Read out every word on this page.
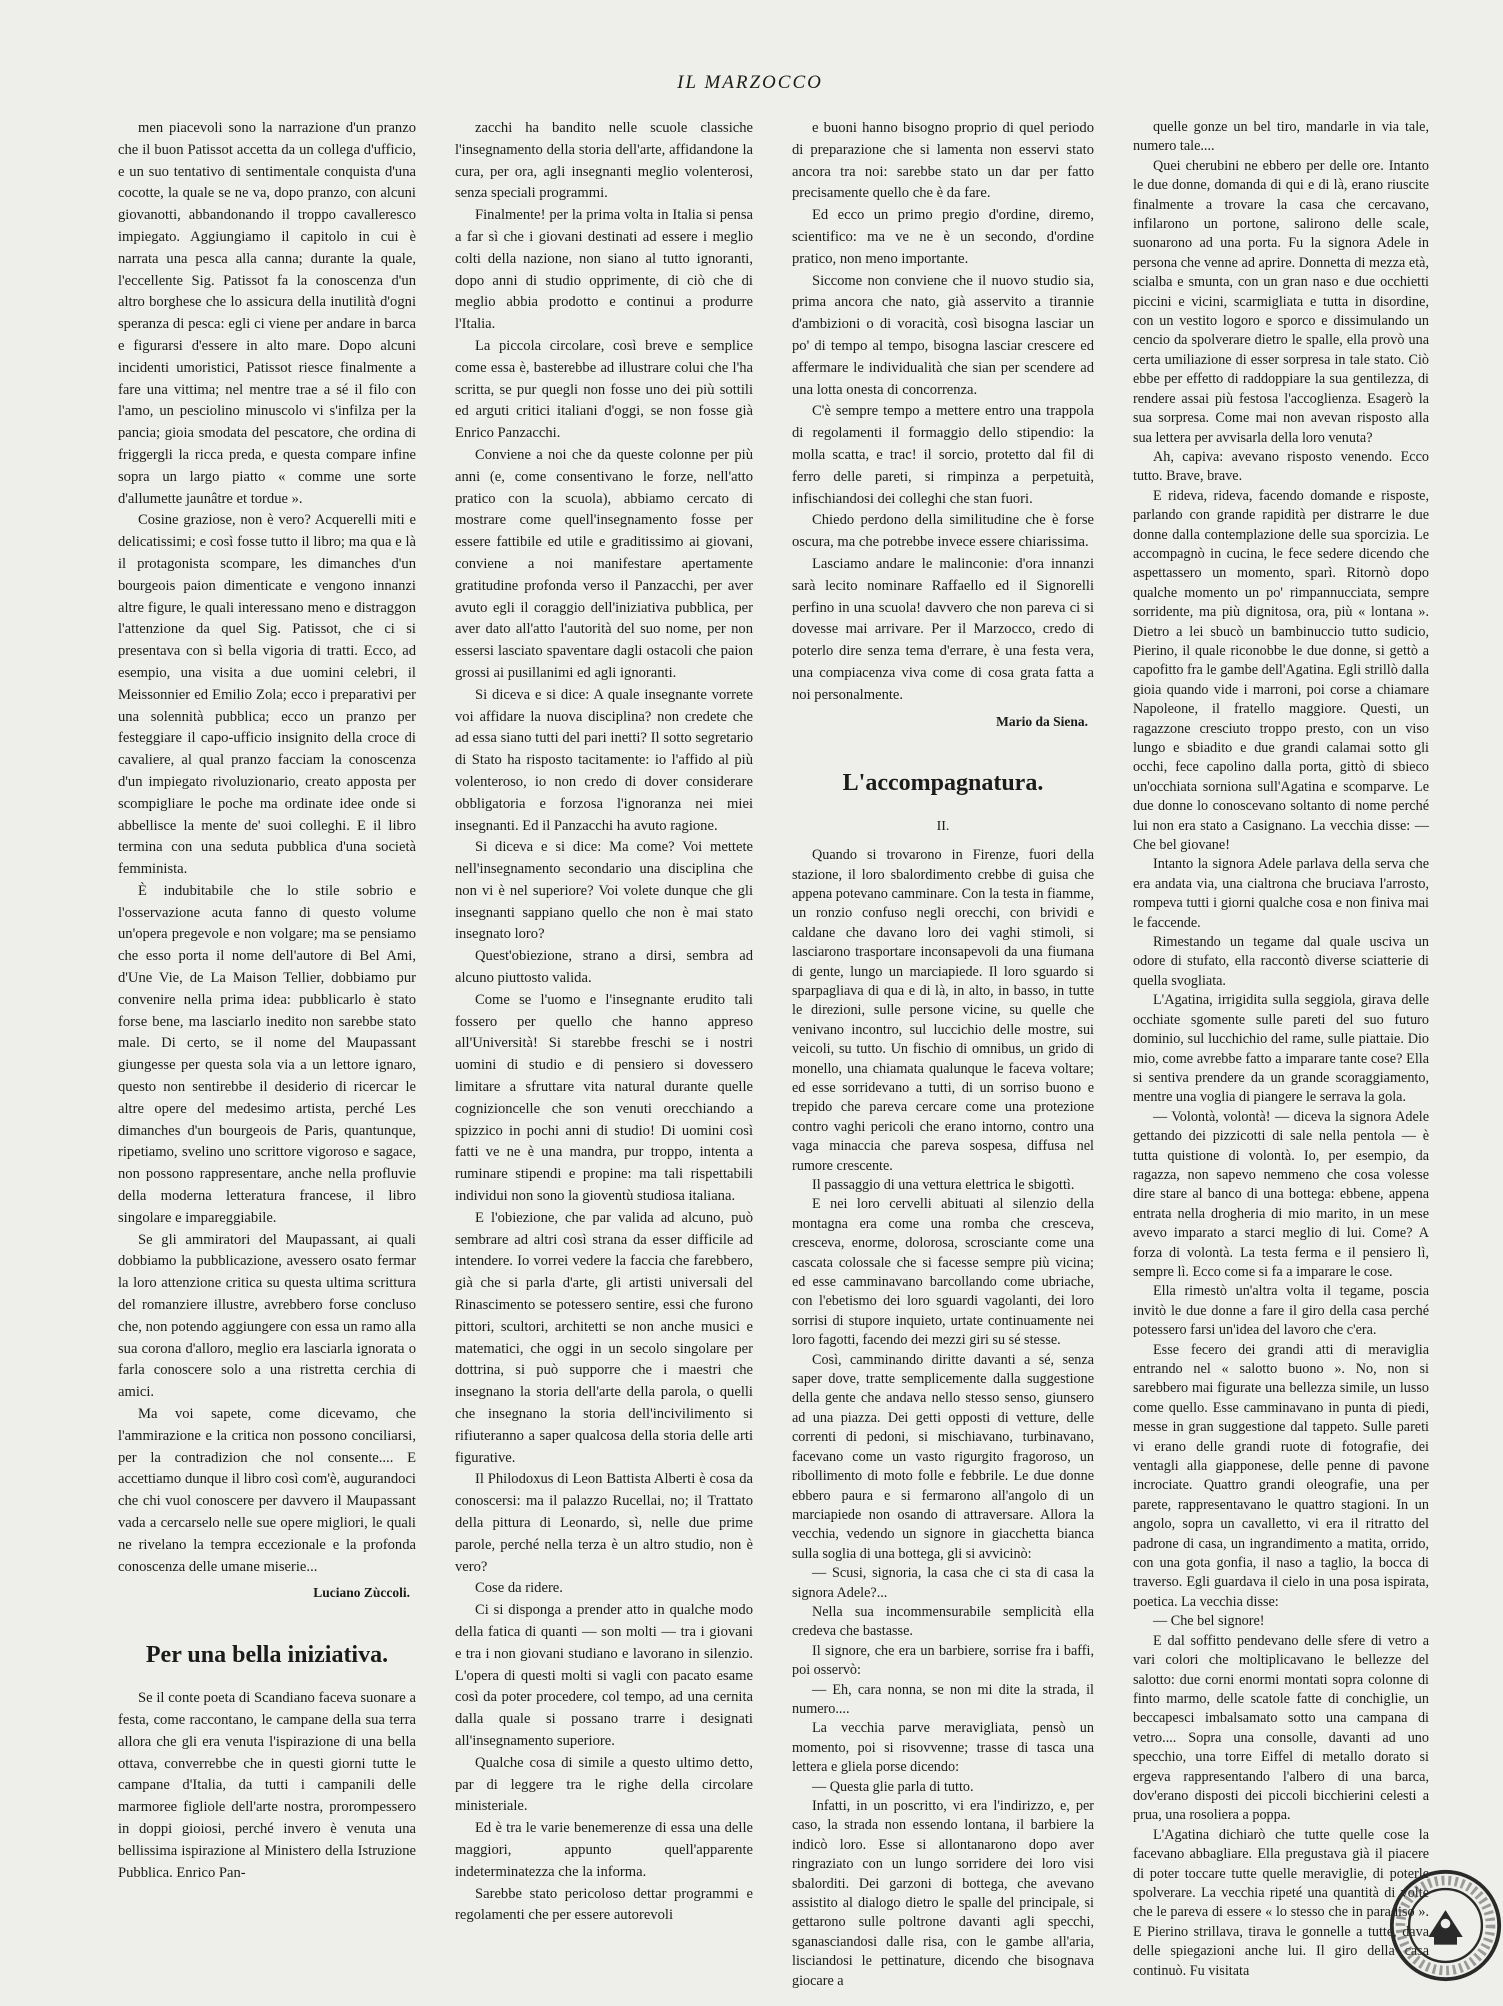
IL MARZOCCO

men piacevoli sono la narrazione d'un pranzo che il buon Patissot accetta da un collega d'ufficio, e un suo tentativo di sentimentale conquista d'una cocotte, la quale se ne va, dopo pranzo, con alcuni giovanotti, abbandonando il troppo cavalleresco impiegato. Aggiungiamo il capitolo in cui è narrata una pesca alla canna; durante la quale, l'eccellente Sig. Patissot fa la conoscenza d'un altro borghese che lo assicura della inutilità d'ogni speranza di pesca: egli ci viene per andare in barca e figurarsi d'essere in alto mare. Dopo alcuni incidenti umoristici, Patissot riesce finalmente a fare una vittima; nel mentre trae a sé il filo con l'amo, un pesciolino minuscolo vi s'infilza per la pancia; gioia smodata del pescatore, che ordina di friggergli la ricca preda, e questa compare infine sopra un largo piatto « comme une sorte d'allumette jaunâtre et tordue ».

Cosine graziose, non è vero? Acquerelli miti e delicatissimi; e così fosse tutto il libro; ma qua e là il protagonista scompare, les dimanches d'un bourgeois paion dimenticate e vengono innanzi altre figure, le quali interessano meno e distraggon l'attenzione da quel Sig. Patissot, che ci si presentava con sì bella vigoria di tratti. Ecco, ad esempio, una visita a due uomini celebri, il Meissonnier ed Emilio Zola; ecco i preparativi per una solennità pubblica; ecco un pranzo per festeggiare il capo-ufficio insignito della croce di cavaliere, al qual pranzo facciam la conoscenza d'un impiegato rivoluzionario, creato apposta per scompigliare le poche ma ordinate idee onde si abbellisce la mente de' suoi colleghi. E il libro termina con una seduta pubblica d'una società femminista.

È indubitabile che lo stile sobrio e l'osservazione acuta fanno di questo volume un'opera pregevole e non volgare; ma se pensiamo che esso porta il nome dell'autore di Bel Ami, d'Une Vie, de La Maison Tellier, dobbiamo pur convenire nella prima idea: pubblicarlo è stato forse bene, ma lasciarlo inedito non sarebbe stato male. Di certo, se il nome del Maupassant giungesse per questa sola via a un lettore ignaro, questo non sentirebbe il desiderio di ricercar le altre opere del medesimo artista, perché Les dimanches d'un bourgeois de Paris, quantunque, ripetiamo, svelino uno scrittore vigoroso e sagace, non possono rappresentare, anche nella profluvie della moderna letteratura francese, il libro singolare e impareggiabile.

Se gli ammiratori del Maupassant, ai quali dobbiamo la pubblicazione, avessero osato fermar la loro attenzione critica su questa ultima scrittura del romanziere illustre, avrebbero forse concluso che, non potendo aggiungere con essa un ramo alla sua corona d'alloro, meglio era lasciarla ignorata o farla conoscere solo a una ristretta cerchia di amici.

Ma voi sapete, come dicevamo, che l'ammirazione e la critica non possono conciliarsi, per la contradizion che nol consente.... E accettiamo dunque il libro così com'è, augurandoci che chi vuol conoscere per davvero il Maupassant vada a cercarselo nelle sue opere migliori, le quali ne rivelano la tempra eccezionale e la profonda conoscenza delle umane miserie...

Luciano Zùccoli.
Per una bella iniziativa.

Se il conte poeta di Scandiano faceva suonare a festa, come raccontano, le campane della sua terra allora che gli era venuta l'ispirazione di una bella ottava, converrebbe che in questi giorni tutte le campane d'Italia, da tutti i campanili delle marmoree figliole dell'arte nostra, prorompessero in doppi gioiosi, perché invero è venuta una bellissima ispirazione al Ministero della Istruzione Pubblica. Enrico Pan-

zacchi ha bandito nelle scuole classiche l'insegnamento della storia dell'arte, affidandone la cura, per ora, agli insegnanti meglio volenterosi, senza speciali programmi.

Finalmente! per la prima volta in Italia si pensa a far sì che i giovani destinati ad essere i meglio colti della nazione, non siano al tutto ignoranti, dopo anni di studio opprimente, di ciò che di meglio abbia prodotto e continui a produrre l'Italia.

La piccola circolare, così breve e semplice come essa è, basterebbe ad illustrare colui che l'ha scritta, se pur quegli non fosse uno dei più sottili ed arguti critici italiani d'oggi, se non fosse già Enrico Panzacchi.

Conviene a noi che da queste colonne per più anni (e, come consentivano le forze, nell'atto pratico con la scuola), abbiamo cercato di mostrare come quell'insegnamento fosse per essere fattibile ed utile e graditissimo ai giovani, conviene a noi manifestare apertamente gratitudine profonda verso il Panzacchi, per aver avuto egli il coraggio dell'iniziativa pubblica, per aver dato all'atto l'autorità del suo nome, per non essersi lasciato spaventare dagli ostacoli che paion grossi ai pusillanimi ed agli ignoranti.

Si diceva e si dice: A quale insegnante vorrete voi affidare la nuova disciplina? non credete che ad essa siano tutti del pari inetti? Il sotto segretario di Stato ha risposto tacitamente: io l'affido al più volenteroso, io non credo di dover considerare obbligatoria e forzosa l'ignoranza nei miei insegnanti. Ed il Panzacchi ha avuto ragione.

Si diceva e si dice: Ma come? Voi mettete nell'insegnamento secondario una disciplina che non vi è nel superiore? Voi volete dunque che gli insegnanti sappiano quello che non è mai stato insegnato loro?

Quest'obiezione, strano a dirsi, sembra ad alcuno piuttosto valida.

Come se l'uomo e l'insegnante erudito tali fossero per quello che hanno appreso all'Università! Si starebbe freschi se i nostri uomini di studio e di pensiero si dovessero limitare a sfruttare vita natural durante quelle cognizioncelle che son venuti orecchiando a spizzico in pochi anni di studio! Di uomini così fatti ve ne è una mandra, pur troppo, intenta a ruminare stipendi e propine: ma tali rispettabili individui non sono la gioventù studiosa italiana.

E l'obiezione, che par valida ad alcuno, può sembrare ad altri così strana da esser difficile ad intendere. Io vorrei vedere la faccia che farebbero, già che si parla d'arte, gli artisti universali del Rinascimento se potessero sentire, essi che furono pittori, scultori, architetti se non anche musici e matematici, che oggi in un secolo singolare per dottrina, si può supporre che i maestri che insegnano la storia dell'arte della parola, o quelli che insegnano la storia dell'incivilimento si rifiuteranno a saper qualcosa della storia delle arti figurative.

Il Philodoxus di Leon Battista Alberti è cosa da conoscersi: ma il palazzo Rucellai, no; il Trattato della pittura di Leonardo, sì, nelle due prime parole, perché nella terza è un altro studio, non è vero?

Cose da ridere.

Ci si disponga a prender atto in qualche modo della fatica di quanti — son molti — tra i giovani e tra i non giovani studiano e lavorano in silenzio. L'opera di questi molti si vagli con pacato esame così da poter procedere, col tempo, ad una cernita dalla quale si possano trarre i designati all'insegnamento superiore.

Qualche cosa di simile a questo ultimo detto, par di leggere tra le righe della circolare ministeriale.

Ed è tra le varie benemerenze di essa una delle maggiori, appunto quell'apparente indeterminatezza che la informa.

Sarebbe stato pericoloso dettar programmi e regolamenti che per essere autorevoli

e buoni hanno bisogno proprio di quel periodo di preparazione che si lamenta non esservi stato ancora tra noi: sarebbe stato un dar per fatto precisamente quello che è da fare.

Ed ecco un primo pregio d'ordine, diremo, scientifico: ma ve ne è un secondo, d'ordine pratico, non meno importante.

Siccome non conviene che il nuovo studio sia, prima ancora che nato, già asservito a tirannie d'ambizioni o di voracità, così bisogna lasciar un po' di tempo al tempo, bisogna lasciar crescere ed affermare le individualità che sian per scendere ad una lotta onesta di concorrenza.

C'è sempre tempo a mettere entro una trappola di regolamenti il formaggio dello stipendio: la molla scatta, e trac! il sorcio, protetto dal fil di ferro delle pareti, si rimpinza a perpetuità, infischiandosi dei colleghi che stan fuori.

Chiedo perdono della similitudine che è forse oscura, ma che potrebbe invece essere chiarissima.

Lasciamo andare le malinconie: d'ora innanzi sarà lecito nominare Raffaello ed il Signorelli perfino in una scuola! davvero che non pareva ci si dovesse mai arrivare. Per il Marzocco, credo di poterlo dire senza tema d'errare, è una festa vera, una compiacenza viva come di cosa grata fatta a noi personalmente.

Mario da Siena.
L'accompagnatura.
II.

Quando si trovarono in Firenze, fuori della stazione, il loro sbalordimento crebbe di guisa che appena potevano camminare. Con la testa in fiamme, un ronzio confuso negli orecchi, con brividi e caldane che davano loro dei vaghi stimoli, si lasciarono trasportare inconsapevoli da una fiumana di gente, lungo un marciapiede. Il loro sguardo si sparpagliava di qua e di là, in alto, in basso, in tutte le direzioni, sulle persone vicine, su quelle che venivano incontro, sul luccichio delle mostre, sui veicoli, su tutto. Un fischio di omnibus, un grido di monello, una chiamata qualunque le faceva voltare; ed esse sorridevano a tutti, di un sorriso buono e trepido che pareva cercare come una protezione contro vaghi pericoli che erano intorno, contro una vaga minaccia che pareva sospesa, diffusa nel rumore crescente.

Il passaggio di una vettura elettrica le sbigottì.

E nei loro cervelli abituati al silenzio della montagna era come una romba che cresceva, cresceva, enorme, dolorosa, scrosciante come una cascata colossale che si facesse sempre più vicina; ed esse camminavano barcollando come ubriache, con l'ebetismo dei loro sguardi vagolanti, dei loro sorrisi di stupore inquieto, urtate continuamente nei loro fagotti, facendo dei mezzi giri su sé stesse.

Così, camminando diritte davanti a sé, senza saper dove, tratte semplicemente dalla suggestione della gente che andava nello stesso senso, giunsero ad una piazza. Dei getti opposti di vetture, delle correnti di pedoni, si mischiavano, turbinavano, facevano come un vasto rigurgito fragoroso, un ribollimento di moto folle e febbrile. Le due donne ebbero paura e si fermarono all'angolo di un marciapiede non osando di attraversare. Allora la vecchia, vedendo un signore in giacchetta bianca sulla soglia di una bottega, gli si avvicinò:

— Scusi, signoria, la casa che ci sta di casa la signora Adele?...

Nella sua incommensurabile semplicità ella credeva che bastasse.

Il signore, che era un barbiere, sorrise fra i baffi, poi osservò:

— Eh, cara nonna, se non mi dite la strada, il numero....

La vecchia parve meravigliata, pensò un momento, poi si risovvenne; trasse di tasca una lettera e gliela porse dicendo:

— Questa glie parla di tutto.

Infatti, in un poscritto, vi era l'indirizzo, e, per caso, la strada non essendo lontana, il barbiere la indicò loro. Esse si allontanarono dopo aver ringraziato con un lungo sorridere dei loro visi sbalorditi. Dei garzoni di bottega, che avevano assistito al dialogo dietro le spalle del principale, si gettarono sulle poltrone davanti agli specchi, sganasciandosi dalle risa, con le gambe all'aria, lisciandosi le pettinature, dicendo che bisognava giocare a

quelle gonze un bel tiro, mandarle in via tale, numero tale....

Quei cherubini ne ebbero per delle ore. Intanto le due donne, domanda di qui e di là, erano riuscite finalmente a trovare la casa che cercavano, infilarono un portone, salirono delle scale, suonarono ad una porta. Fu la signora Adele in persona che venne ad aprire. Donnetta di mezza età, scialba e smunta, con un gran naso e due occhietti piccini e vicini, scarmigliata e tutta in disordine, con un vestito logoro e sporco e dissimulando un cencio da spolverare dietro le spalle, ella provò una certa umiliazione di esser sorpresa in tale stato. Ciò ebbe per effetto di raddoppiare la sua gentilezza, di rendere assai più festosa l'accoglienza. Esagerò la sua sorpresa. Come mai non avevan risposto alla sua lettera per avvisarla della loro venuta?

Ah, capiva: avevano risposto venendo. Ecco tutto. Brave, brave.

E rideva, rideva, facendo domande e risposte, parlando con grande rapidità per distrarre le due donne dalla contemplazione delle sua sporcizia. Le accompagnò in cucina, le fece sedere dicendo che aspettassero un momento, sparì. Ritornò dopo qualche momento un po' rimpannucciata, sempre sorridente, ma più dignitosa, ora, più « lontana ». Dietro a lei sbucò un bambinuccio tutto sudicio, Pierino, il quale riconobbe le due donne, si gettò a capofitto fra le gambe dell'Agatina. Egli strillò dalla gioia quando vide i marroni, poi corse a chiamare Napoleone, il fratello maggiore. Questi, un ragazzone cresciuto troppo presto, con un viso lungo e sbiadito e due grandi calamai sotto gli occhi, fece capolino dalla porta, gittò di sbieco un'occhiata sorniona sull'Agatina e scomparve. Le due donne lo conoscevano soltanto di nome perché lui non era stato a Casignano. La vecchia disse: — Che bel giovane!

Intanto la signora Adele parlava della serva che era andata via, una cialtrona che bruciava l'arrosto, rompeva tutti i giorni qualche cosa e non finiva mai le faccende.

Rimestando un tegame dal quale usciva un odore di stufato, ella raccontò diverse sciatterie di quella svogliata.

L'Agatina, irrigidita sulla seggiola, girava delle occhiate sgomente sulle pareti del suo futuro dominio, sul lucchichio del rame, sulle piattaie. Dio mio, come avrebbe fatto a imparare tante cose? Ella si sentiva prendere da un grande scoraggiamento, mentre una voglia di piangere le serrava la gola.

— Volontà, volontà! — diceva la signora Adele gettando dei pizzicotti di sale nella pentola — è tutta quistione di volontà. Io, per esempio, da ragazza, non sapevo nemmeno che cosa volesse dire stare al banco di una bottega: ebbene, appena entrata nella drogheria di mio marito, in un mese avevo imparato a starci meglio di lui. Come? A forza di volontà. La testa ferma e il pensiero lì, sempre lì. Ecco come si fa a imparare le cose.

Ella rimestò un'altra volta il tegame, poscia invitò le due donne a fare il giro della casa perché potessero farsi un'idea del lavoro che c'era.

Esse fecero dei grandi atti di meraviglia entrando nel « salotto buono ». No, non si sarebbero mai figurate una bellezza simile, un lusso come quello. Esse camminavano in punta di piedi, messe in gran suggestione dal tappeto. Sulle pareti vi erano delle grandi ruote di fotografie, dei ventagli alla giapponese, delle penne di pavone incrociate. Quattro grandi oleografie, una per parete, rappresentavano le quattro stagioni. In un angolo, sopra un cavalletto, vi era il ritratto del padrone di casa, un ingrandimento a matita, orrido, con una gota gonfia, il naso a taglio, la bocca di traverso. Egli guardava il cielo in una posa ispirata, poetica. La vecchia disse:

— Che bel signore!

E dal soffitto pendevano delle sfere di vetro a vari colori che moltiplicavano le bellezze del salotto: due corni enormi montati sopra colonne di finto marmo, delle scatole fatte di conchiglie, un beccapesci imbalsamato sotto una campana di vetro.... Sopra una consolle, davanti ad uno specchio, una torre Eiffel di metallo dorato si ergeva rappresentando l'albero di una barca, dov'erano disposti dei piccoli bicchierini celesti a prua, una rosoliera a poppa.

L'Agatina dichiarò che tutte quelle cose la facevano abbagliare. Ella pregustava già il piacere di poter toccare tutte quelle meraviglie, di poterle spolverare. La vecchia ripeté una quantità di volte che le pareva di essere « lo stesso che in paradiso ». E Pierino strillava, tirava le gonnelle a tutte, dava delle spiegazioni anche lui. Il giro della casa continuò. Fu visitata
